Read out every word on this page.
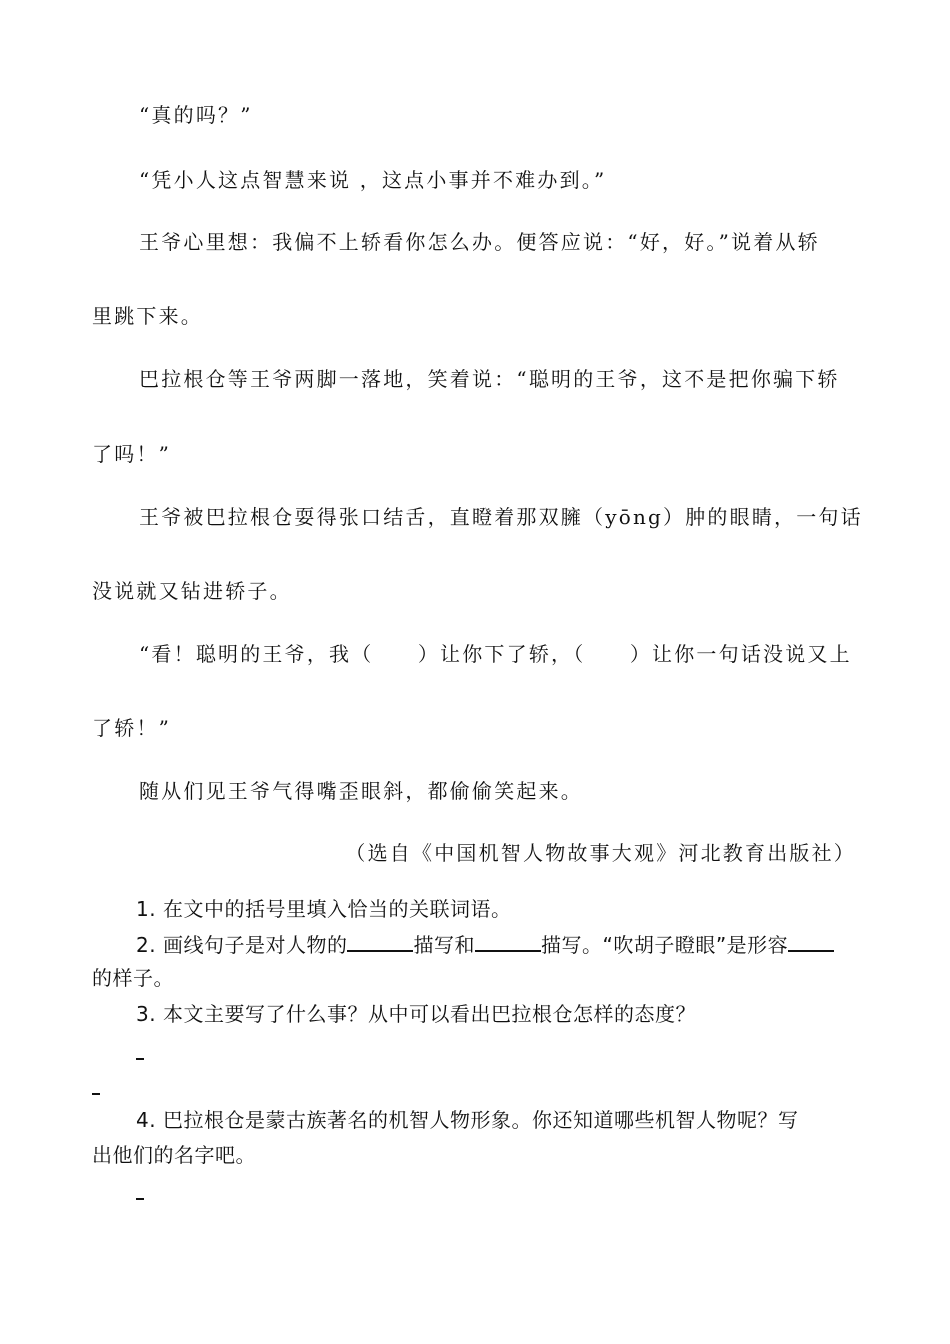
“真的吗？”
“凭小人这点智慧来说 ，这点小事并不难办到。”
王爷心里想：我偏不上轿看你怎么办。便答应说：“好，好。”说着从轿
里跳下来。
巴拉根仓等王爷两脚一落地，笑着说：“聪明的王爷，这不是把你骗下轿
了吗！”
王爷被巴拉根仓耍得张口结舌，直瞪着那双臃（yōng）肿的眼睛，一句话
没说就又钻进轿子。
“看！聪明的王爷，我（　　）让你下了轿，（　　）让你一句话没说又上
了轿！”
随从们见王爷气得嘴歪眼斜，都偷偷笑起来。
（选自《中国机智人物故事大观》河北教育出版社）
1. 在文中的括号里填入恰当的关联词语。
2. 画线句子是对人物的	描写和	描写。“吹胡子瞪眼”是形容
的样子。
3. 本文主要写了什么事？从中可以看出巴拉根仓怎样的态度？
4. 巴拉根仓是蒙古族著名的机智人物形象。你还知道哪些机智人物呢？写
出他们的名字吧。
